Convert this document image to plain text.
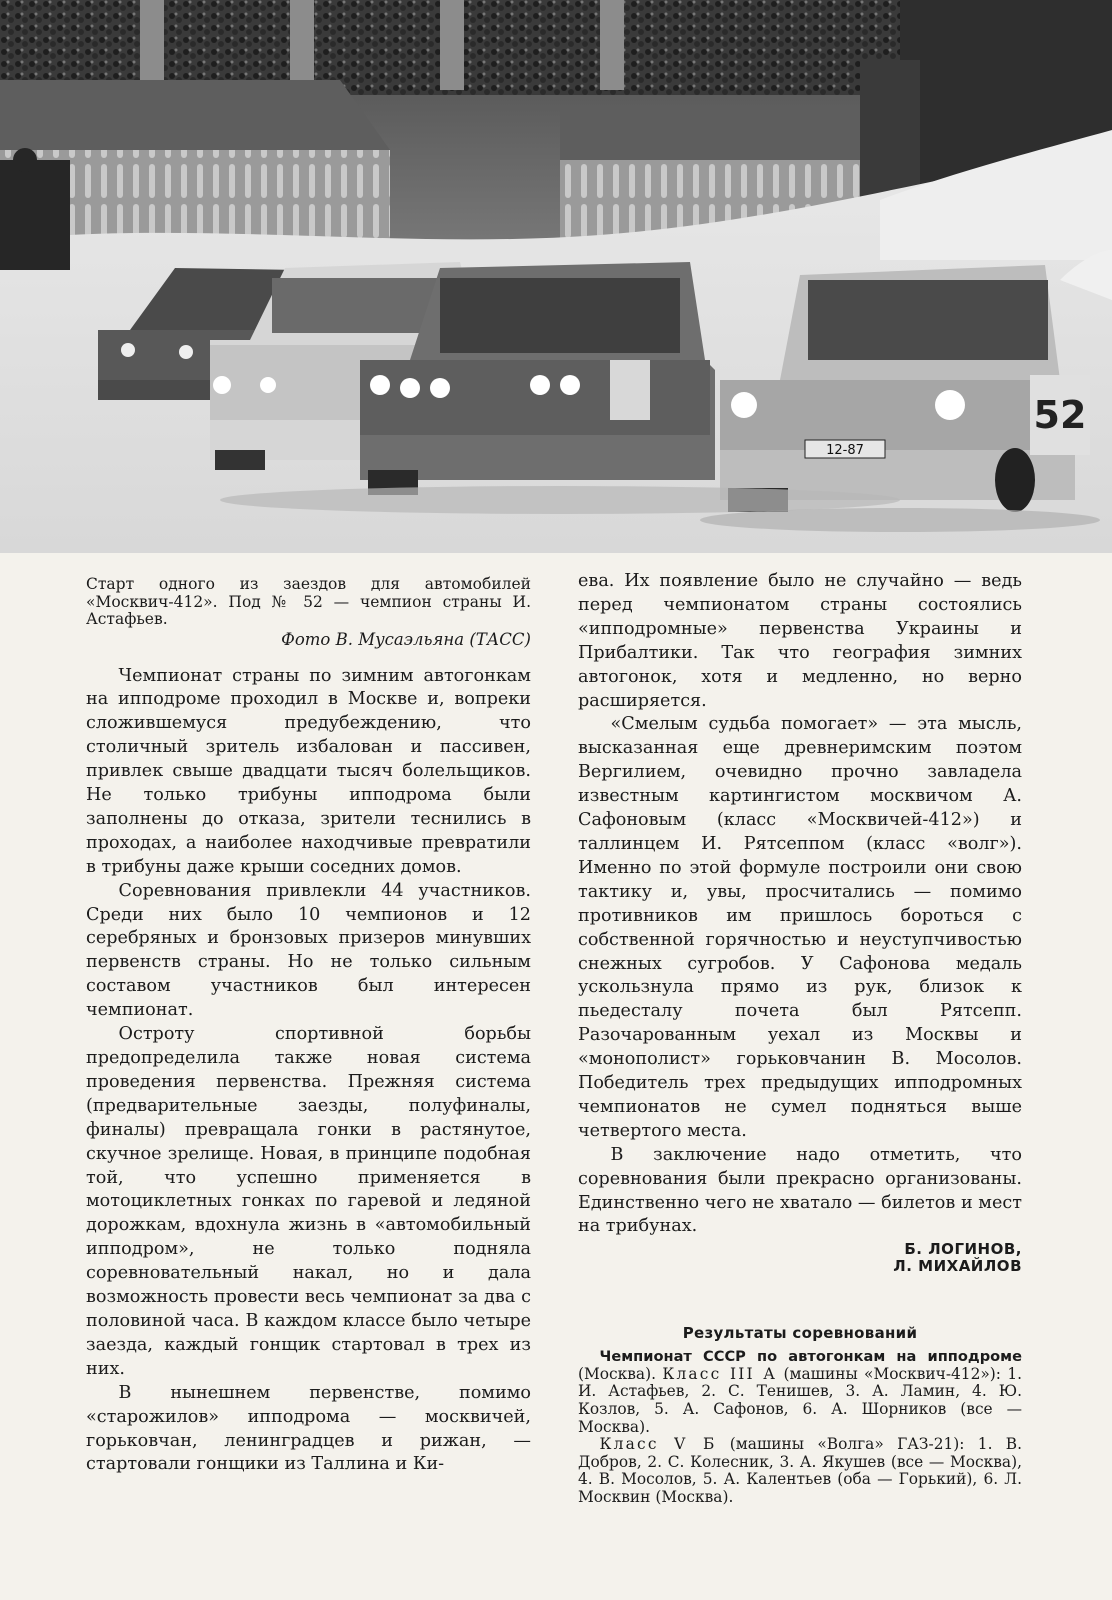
12-87
52

Старт одного из заездов для автомобилей «Москвич-412». Под № 52 — чемпион страны И. Астафьев.

Фото В. Мусаэльяна (ТАСС)

Чемпионат страны по зимним автогонкам на ипподроме проходил в Москве и, вопреки сложившемуся предубеждению, что столичный зритель избалован и пассивен, привлек свыше двадцати тысяч болельщиков. Не только трибуны ипподрома были заполнены до отказа, зрители теснились в проходах, а наиболее находчивые превратили в трибуны даже крыши соседних домов.

Соревнования привлекли 44 участников. Среди них было 10 чемпионов и 12 серебряных и бронзовых призеров минувших первенств страны. Но не только сильным составом участников был интересен чемпионат.

Остроту спортивной борьбы предопределила также новая система проведения первенства. Прежняя система (предварительные заезды, полуфиналы, финалы) превращала гонки в растянутое, скучное зрелище. Новая, в принципе подобная той, что успешно применяется в мотоциклетных гонках по гаревой и ледяной дорожкам, вдохнула жизнь в «автомобильный ипподром», не только подняла соревновательный накал, но и дала возможность провести весь чемпионат за два с половиной часа. В каждом классе было четыре заезда, каждый гонщик стартовал в трех из них.

В нынешнем первенстве, помимо «старожилов» ипподрома — москвичей, горьковчан, ленинградцев и рижан, — стартовали гонщики из Таллина и Ки-

ева. Их появление было не случайно — ведь перед чемпионатом страны состоялись «ипподромные» первенства Украины и Прибалтики. Так что география зимних автогонок, хотя и медленно, но верно расширяется.

«Смелым судьба помогает» — эта мысль, высказанная еще древнеримским поэтом Вергилием, очевидно прочно завладела известным картингистом москвичом А. Сафоновым (класс «Москвичей-412») и таллинцем И. Рятсеппом (класс «волг»). Именно по этой формуле построили они свою тактику и, увы, просчитались — помимо противников им пришлось бороться с собственной горячностью и неуступчивостью снежных сугробов. У Сафонова медаль ускользнула прямо из рук, близок к пьедесталу почета был Рятсепп. Разочарованным уехал из Москвы и «монополист» горьковчанин В. Мосолов. Победитель трех предыдущих ипподромных чемпионатов не сумел подняться выше четвертого места.

В заключение надо отметить, что соревнования были прекрасно организованы. Единственно чего не хватало — билетов и мест на трибунах.

Б. ЛОГИНОВ,
Л. МИХАЙЛОВ
Результаты соревнований

Чемпионат СССР по автогонкам на ипподроме (Москва). Класс III А (машины «Москвич-412»): 1. И. Астафьев, 2. С. Тенишев, 3. А. Ламин, 4. Ю. Козлов, 5. А. Сафонов, 6. А. Шорников (все — Москва).
Класс V Б (машины «Волга» ГАЗ-21): 1. В. Добров, 2. С. Колесник, 3. А. Якушев (все — Москва), 4. В. Мосолов, 5. А. Калентьев (оба — Горький), 6. Л. Москвин (Москва).
